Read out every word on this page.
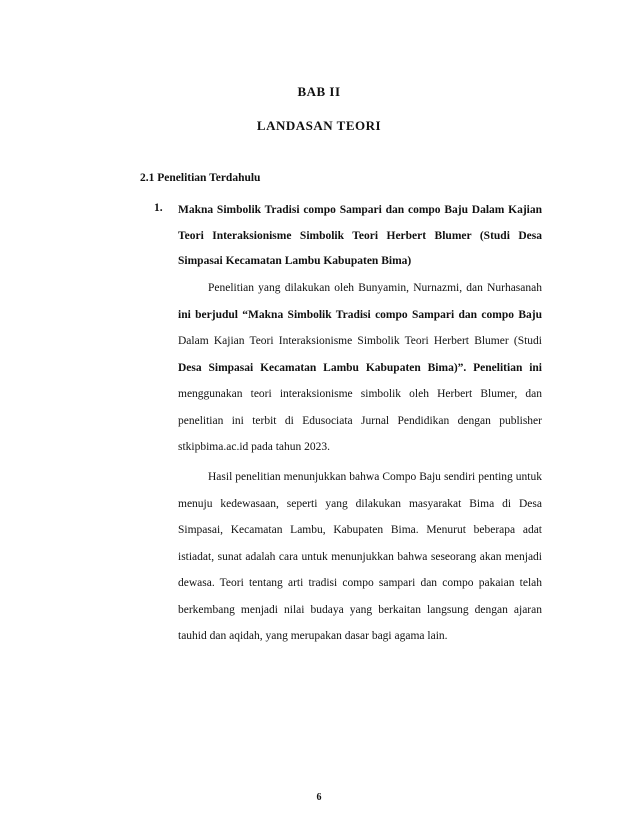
BAB II
LANDASAN TEORI
2.1 Penelitian Terdahulu
1. Makna Simbolik Tradisi compo Sampari dan compo Baju Dalam Kajian Teori Interaksionisme Simbolik Teori Herbert Blumer (Studi Desa Simpasai Kecamatan Lambu Kabupaten Bima)
Penelitian yang dilakukan oleh Bunyamin, Nurnazmi, dan Nurhasanah ini berjudul “Makna Simbolik Tradisi compo Sampari dan compo Baju Dalam Kajian Teori Interaksionisme Simbolik Teori Herbert Blumer (Studi Desa Simpasai Kecamatan Lambu Kabupaten Bima)”. Penelitian ini menggunakan teori interaksionisme simbolik oleh Herbert Blumer, dan penelitian ini terbit di Edusociata Jurnal Pendidikan dengan publisher stkipbima.ac.id pada tahun 2023.
Hasil penelitian menunjukkan bahwa Compo Baju sendiri penting untuk menuju kedewasaan, seperti yang dilakukan masyarakat Bima di Desa Simpasai, Kecamatan Lambu, Kabupaten Bima. Menurut beberapa adat istiadat, sunat adalah cara untuk menunjukkan bahwa seseorang akan menjadi dewasa. Teori tentang arti tradisi compo sampari dan compo pakaian telah berkembang menjadi nilai budaya yang berkaitan langsung dengan ajaran tauhid dan aqidah, yang merupakan dasar bagi agama lain.
6
